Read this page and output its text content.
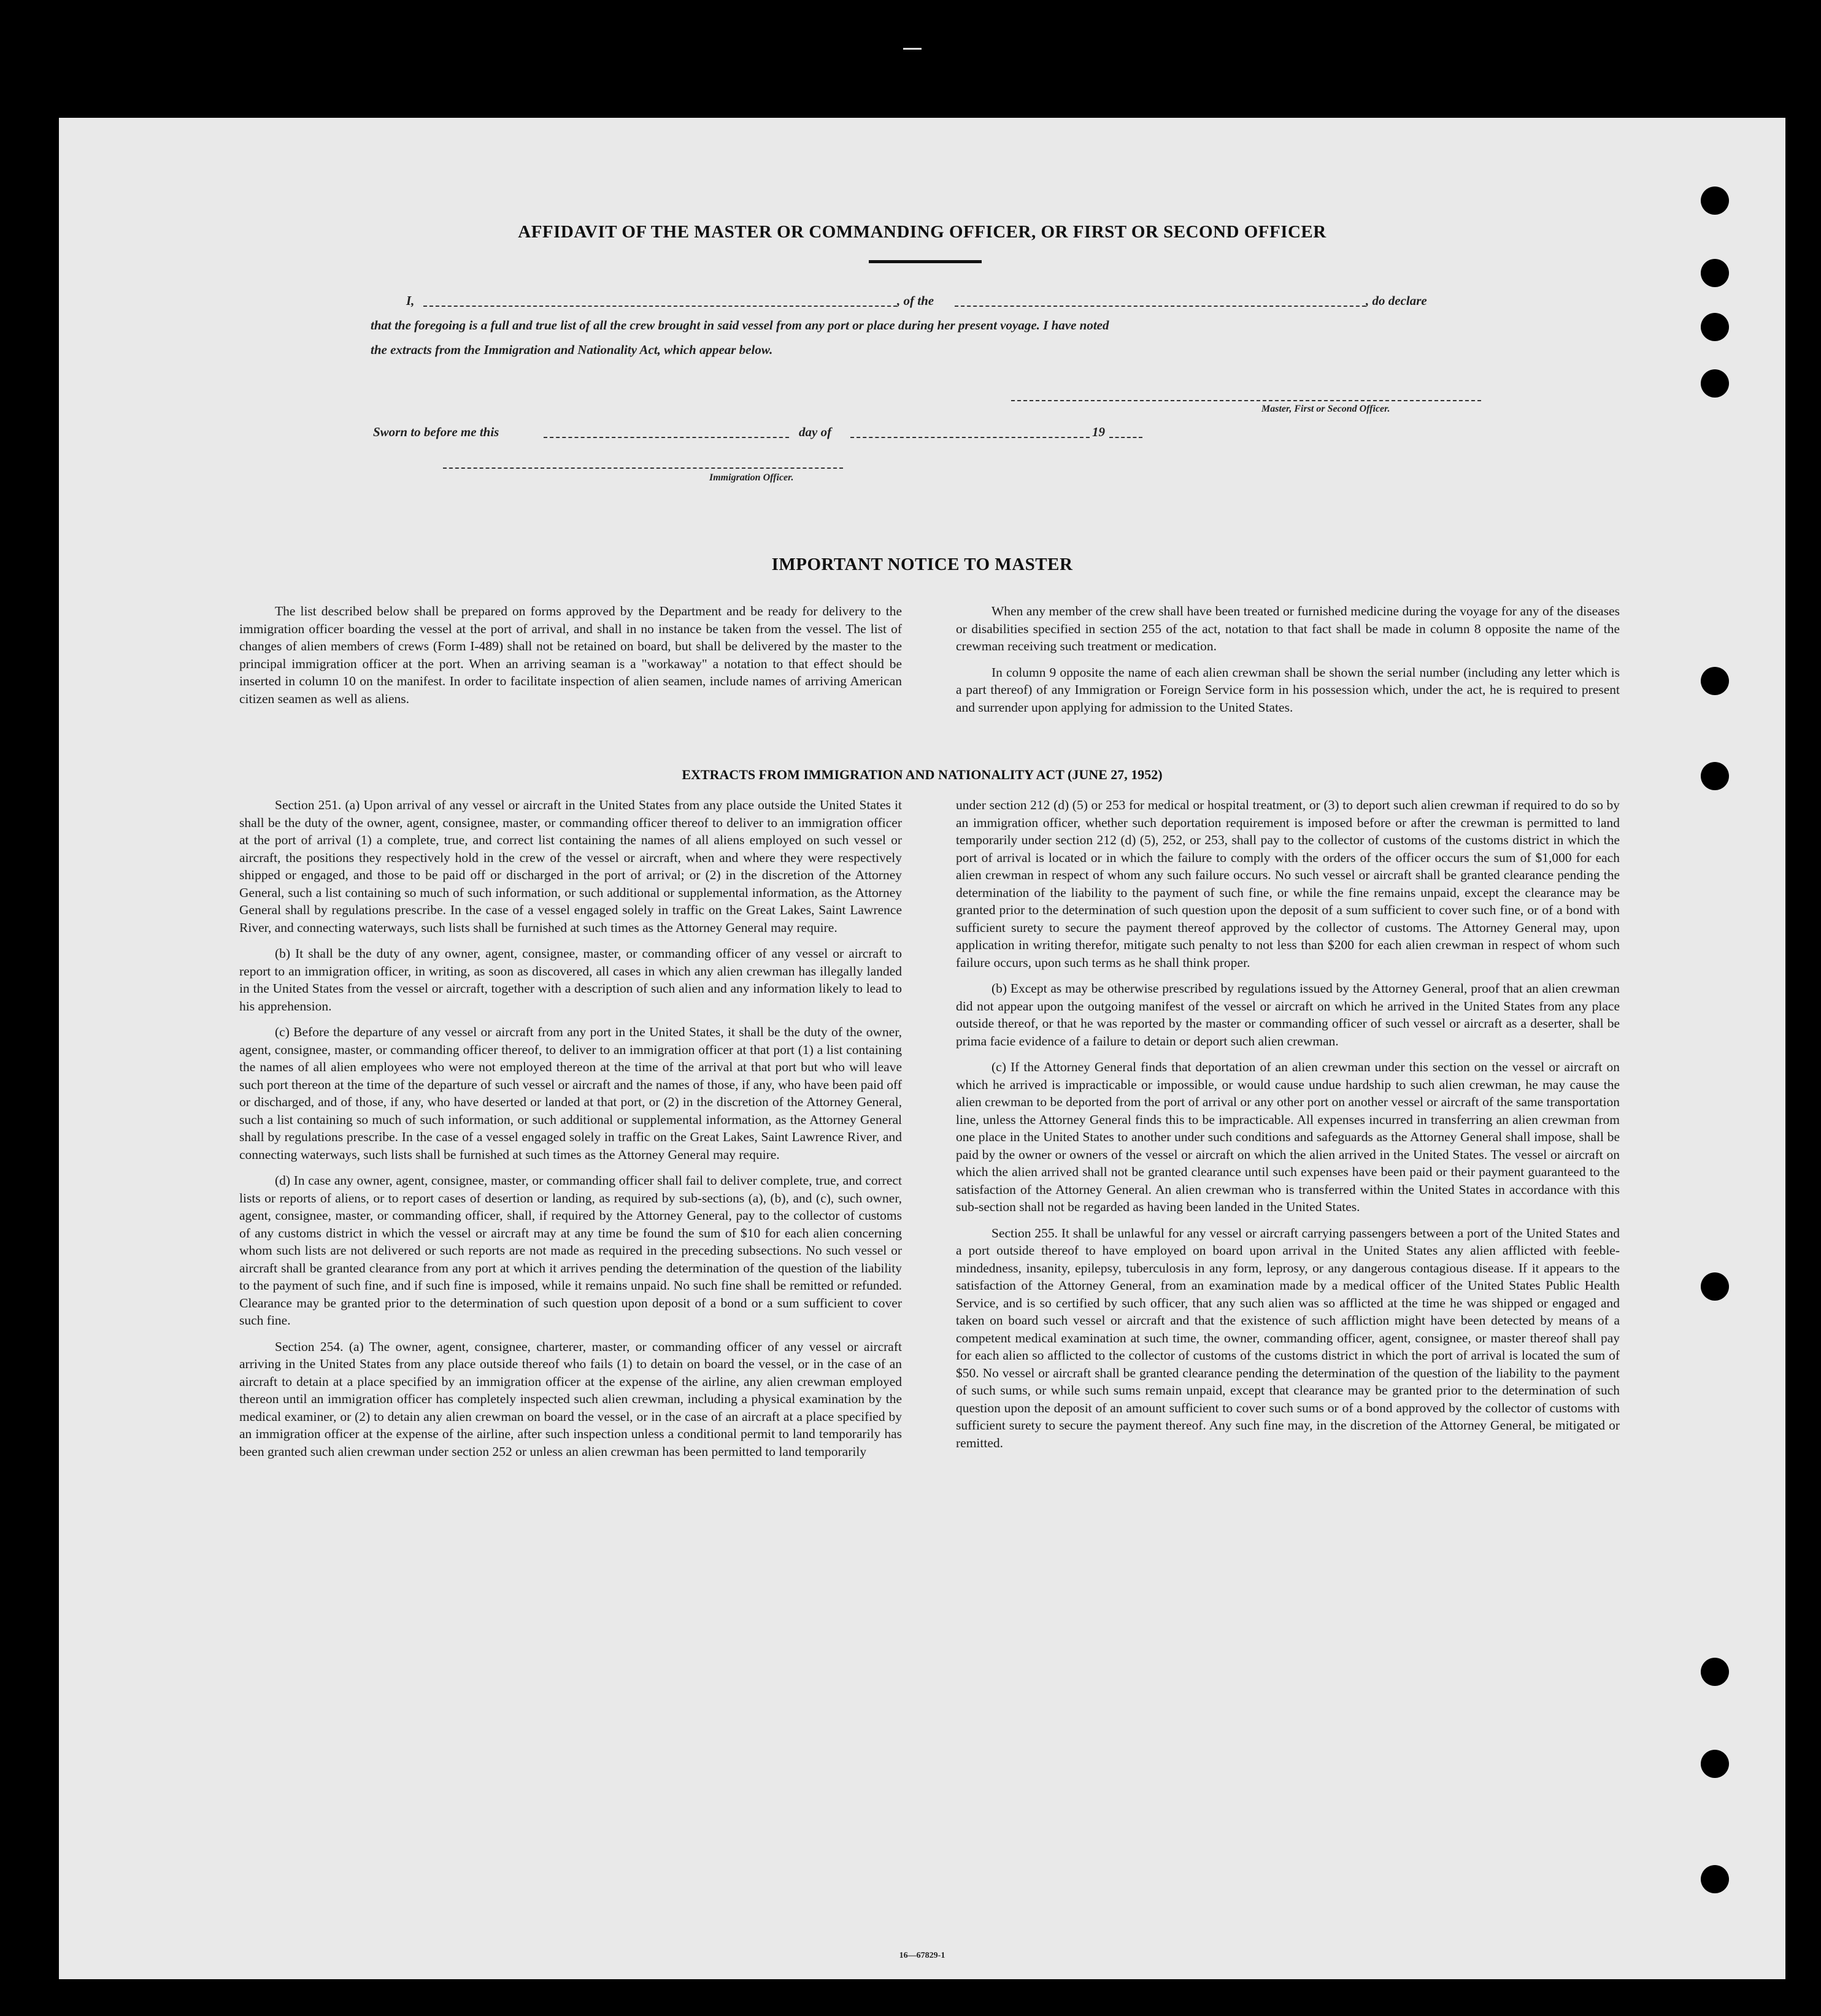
AFFIDAVIT OF THE MASTER OR COMMANDING OFFICER, OR FIRST OR SECOND OFFICER
I,	, of the	, do declare
that the foregoing is a full and true list of all the crew brought in said vessel from any port or place during her present voyage. I have noted
the extracts from the Immigration and Nationality Act, which appear below.
Master, First or Second Officer.
Sworn to before me this	day of	19
Immigration Officer.
IMPORTANT NOTICE TO MASTER

The list described below shall be prepared on forms approved by the Department and be ready for delivery to the immigration officer boarding the vessel at the port of arrival, and shall in no instance be taken from the vessel. The list of changes of alien members of crews (Form I-489) shall not be retained on board, but shall be delivered by the master to the principal immigration officer at the port. When an arriving seaman is a "workaway" a notation to that effect should be inserted in column 10 on the manifest. In order to facilitate inspection of alien seamen, include names of arriving American citizen seamen as well as aliens.

When any member of the crew shall have been treated or furnished medicine during the voyage for any of the diseases or disabilities specified in section 255 of the act, notation to that fact shall be made in column 8 opposite the name of the crewman receiving such treatment or medication.

In column 9 opposite the name of each alien crewman shall be shown the serial number (including any letter which is a part thereof) of any Immigration or Foreign Service form in his possession which, under the act, he is required to present and surrender upon applying for admission to the United States.

EXTRACTS FROM IMMIGRATION AND NATIONALITY ACT (JUNE 27, 1952)

Section 251. (a) Upon arrival of any vessel or aircraft in the United States from any place outside the United States it shall be the duty of the owner, agent, consignee, master, or commanding officer thereof to deliver to an immigration officer at the port of arrival (1) a complete, true, and correct list containing the names of all aliens employed on such vessel or aircraft, the positions they respectively hold in the crew of the vessel or aircraft, when and where they were respectively shipped or engaged, and those to be paid off or discharged in the port of arrival; or (2) in the discretion of the Attorney General, such a list containing so much of such information, or such additional or supplemental information, as the Attorney General shall by regulations prescribe. In the case of a vessel engaged solely in traffic on the Great Lakes, Saint Lawrence River, and connecting waterways, such lists shall be furnished at such times as the Attorney General may require.

(b) It shall be the duty of any owner, agent, consignee, master, or commanding officer of any vessel or aircraft to report to an immigration officer, in writing, as soon as discovered, all cases in which any alien crewman has illegally landed in the United States from the vessel or aircraft, together with a description of such alien and any information likely to lead to his apprehension.

(c) Before the departure of any vessel or aircraft from any port in the United States, it shall be the duty of the owner, agent, consignee, master, or commanding officer thereof, to deliver to an immigration officer at that port (1) a list containing the names of all alien employees who were not employed thereon at the time of the arrival at that port but who will leave such port thereon at the time of the departure of such vessel or aircraft and the names of those, if any, who have been paid off or discharged, and of those, if any, who have deserted or landed at that port, or (2) in the discretion of the Attorney General, such a list containing so much of such information, or such additional or supplemental information, as the Attorney General shall by regulations prescribe. In the case of a vessel engaged solely in traffic on the Great Lakes, Saint Lawrence River, and connecting waterways, such lists shall be furnished at such times as the Attorney General may require.

(d) In case any owner, agent, consignee, master, or commanding officer shall fail to deliver complete, true, and correct lists or reports of aliens, or to report cases of desertion or landing, as required by sub-sections (a), (b), and (c), such owner, agent, consignee, master, or commanding officer, shall, if required by the Attorney General, pay to the collector of customs of any customs district in which the vessel or aircraft may at any time be found the sum of $10 for each alien concerning whom such lists are not delivered or such reports are not made as required in the preceding subsections. No such vessel or aircraft shall be granted clearance from any port at which it arrives pending the determination of the question of the liability to the payment of such fine, and if such fine is imposed, while it remains unpaid. No such fine shall be remitted or refunded. Clearance may be granted prior to the determination of such question upon deposit of a bond or a sum sufficient to cover such fine.

Section 254. (a) The owner, agent, consignee, charterer, master, or commanding officer of any vessel or aircraft arriving in the United States from any place outside thereof who fails (1) to detain on board the vessel, or in the case of an aircraft to detain at a place specified by an immigration officer at the expense of the airline, any alien crewman employed thereon until an immigration officer has completely inspected such alien crewman, including a physical examination by the medical examiner, or (2) to detain any alien crewman on board the vessel, or in the case of an aircraft at a place specified by an immigration officer at the expense of the airline, after such inspection unless a conditional permit to land temporarily has been granted such alien crewman under section 252 or unless an alien crewman has been permitted to land temporarily

under section 212 (d) (5) or 253 for medical or hospital treatment, or (3) to deport such alien crewman if required to do so by an immigration officer, whether such deportation requirement is imposed before or after the crewman is permitted to land temporarily under section 212 (d) (5), 252, or 253, shall pay to the collector of customs of the customs district in which the port of arrival is located or in which the failure to comply with the orders of the officer occurs the sum of $1,000 for each alien crewman in respect of whom any such failure occurs. No such vessel or aircraft shall be granted clearance pending the determination of the liability to the payment of such fine, or while the fine remains unpaid, except the clearance may be granted prior to the determination of such question upon the deposit of a sum sufficient to cover such fine, or of a bond with sufficient surety to secure the payment thereof approved by the collector of customs. The Attorney General may, upon application in writing therefor, mitigate such penalty to not less than $200 for each alien crewman in respect of whom such failure occurs, upon such terms as he shall think proper.

(b) Except as may be otherwise prescribed by regulations issued by the Attorney General, proof that an alien crewman did not appear upon the outgoing manifest of the vessel or aircraft on which he arrived in the United States from any place outside thereof, or that he was reported by the master or commanding officer of such vessel or aircraft as a deserter, shall be prima facie evidence of a failure to detain or deport such alien crewman.

(c) If the Attorney General finds that deportation of an alien crewman under this section on the vessel or aircraft on which he arrived is impracticable or impossible, or would cause undue hardship to such alien crewman, he may cause the alien crewman to be deported from the port of arrival or any other port on another vessel or aircraft of the same transportation line, unless the Attorney General finds this to be impracticable. All expenses incurred in transferring an alien crewman from one place in the United States to another under such conditions and safeguards as the Attorney General shall impose, shall be paid by the owner or owners of the vessel or aircraft on which the alien arrived in the United States. The vessel or aircraft on which the alien arrived shall not be granted clearance until such expenses have been paid or their payment guaranteed to the satisfaction of the Attorney General. An alien crewman who is transferred within the United States in accordance with this sub-section shall not be regarded as having been landed in the United States.

Section 255. It shall be unlawful for any vessel or aircraft carrying passengers between a port of the United States and a port outside thereof to have employed on board upon arrival in the United States any alien afflicted with feeble-mindedness, insanity, epilepsy, tuberculosis in any form, leprosy, or any dangerous contagious disease. If it appears to the satisfaction of the Attorney General, from an examination made by a medical officer of the United States Public Health Service, and is so certified by such officer, that any such alien was so afflicted at the time he was shipped or engaged and taken on board such vessel or aircraft and that the existence of such affliction might have been detected by means of a competent medical examination at such time, the owner, commanding officer, agent, consignee, or master thereof shall pay for each alien so afflicted to the collector of customs of the customs district in which the port of arrival is located the sum of $50. No vessel or aircraft shall be granted clearance pending the determination of the question of the liability to the payment of such sums, or while such sums remain unpaid, except that clearance may be granted prior to the determination of such question upon the deposit of an amount sufficient to cover such sums or of a bond approved by the collector of customs with sufficient surety to secure the payment thereof. Any such fine may, in the discretion of the Attorney General, be mitigated or remitted.

16—67829-1
